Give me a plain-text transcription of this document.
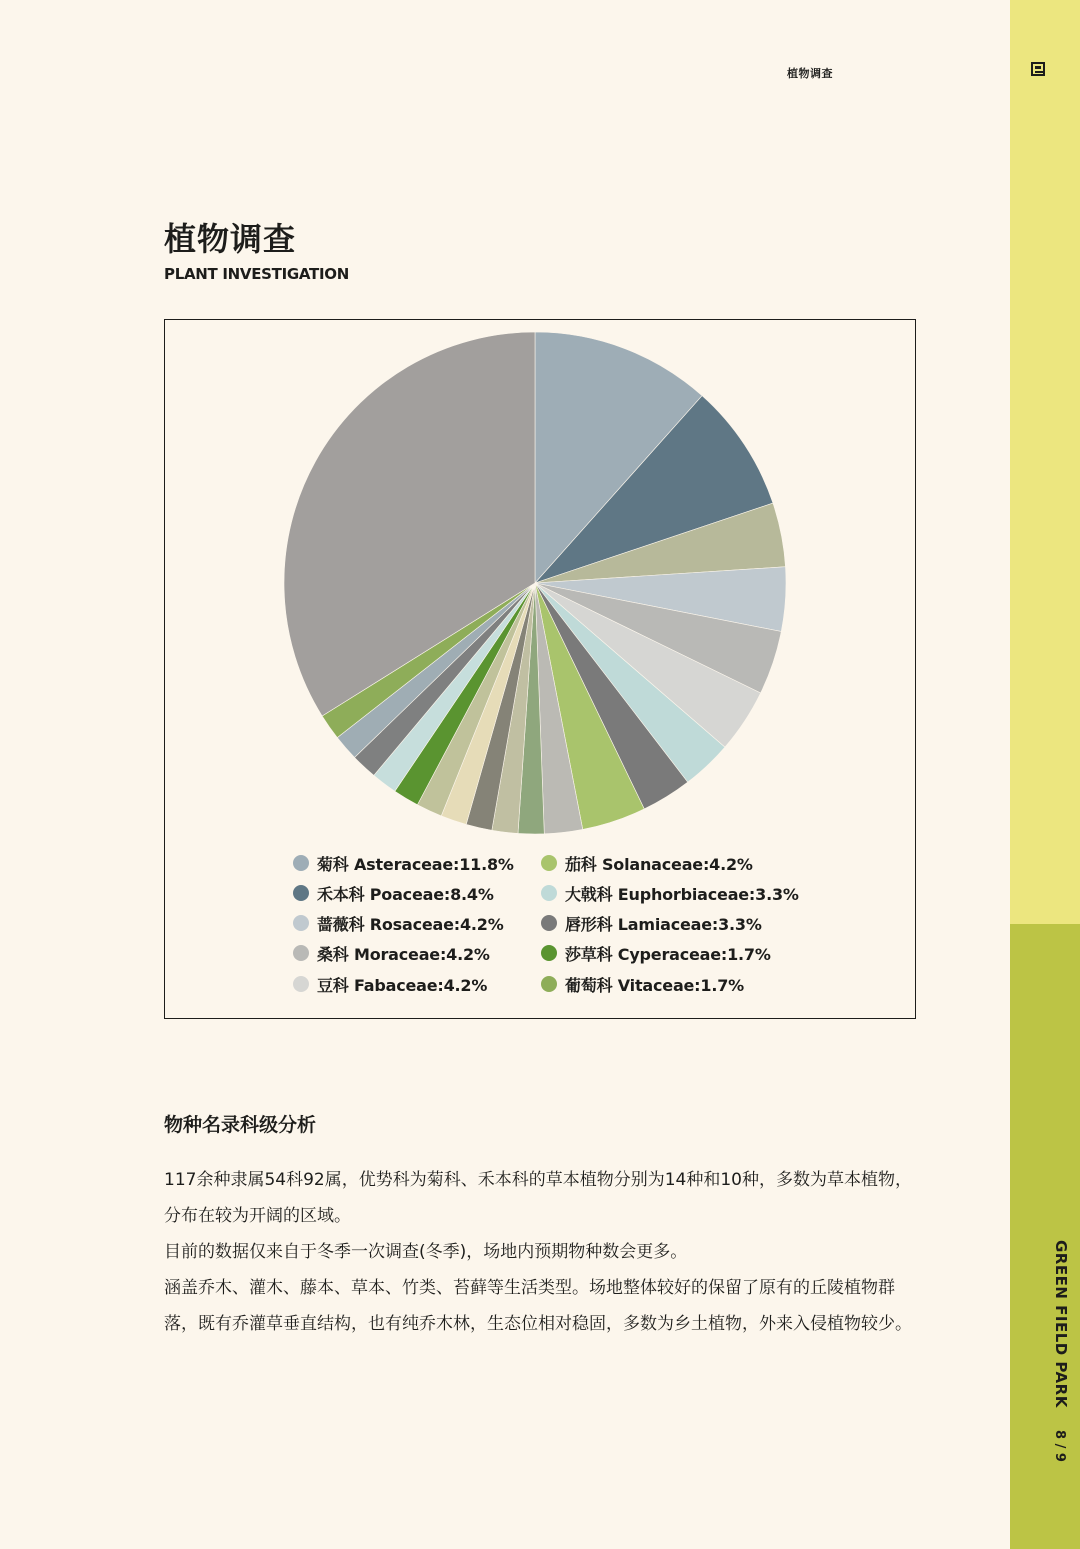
植物调查
GREEN FIELD PARK
8 / 9
植物调查
PLANT INVESTIGATION
菊科 Asteraceae:11.8%
禾本科 Poaceae:8.4%
蔷薇科 Rosaceae:4.2%
桑科 Moraceae:4.2%
豆科 Fabaceae:4.2%
茄科 Solanaceae:4.2%
大戟科 Euphorbiaceae:3.3%
唇形科 Lamiaceae:3.3%
莎草科 Cyperaceae:1.7%
葡萄科 Vitaceae:1.7%
物种名录科级分析

117余种隶属54科92属，优势科为菊科、禾本科的草本植物分别为14种和10种，多数为草本植物，分布在较为开阔的区域。

目前的数据仅来自于冬季一次调查(冬季)，场地内预期物种数会更多。

涵盖乔木、灌木、藤本、草本、竹类、苔藓等生活类型。场地整体较好的保留了原有的丘陵植物群落，既有乔灌草垂直结构，也有纯乔木林，生态位相对稳固，多数为乡土植物，外来入侵植物较少。
